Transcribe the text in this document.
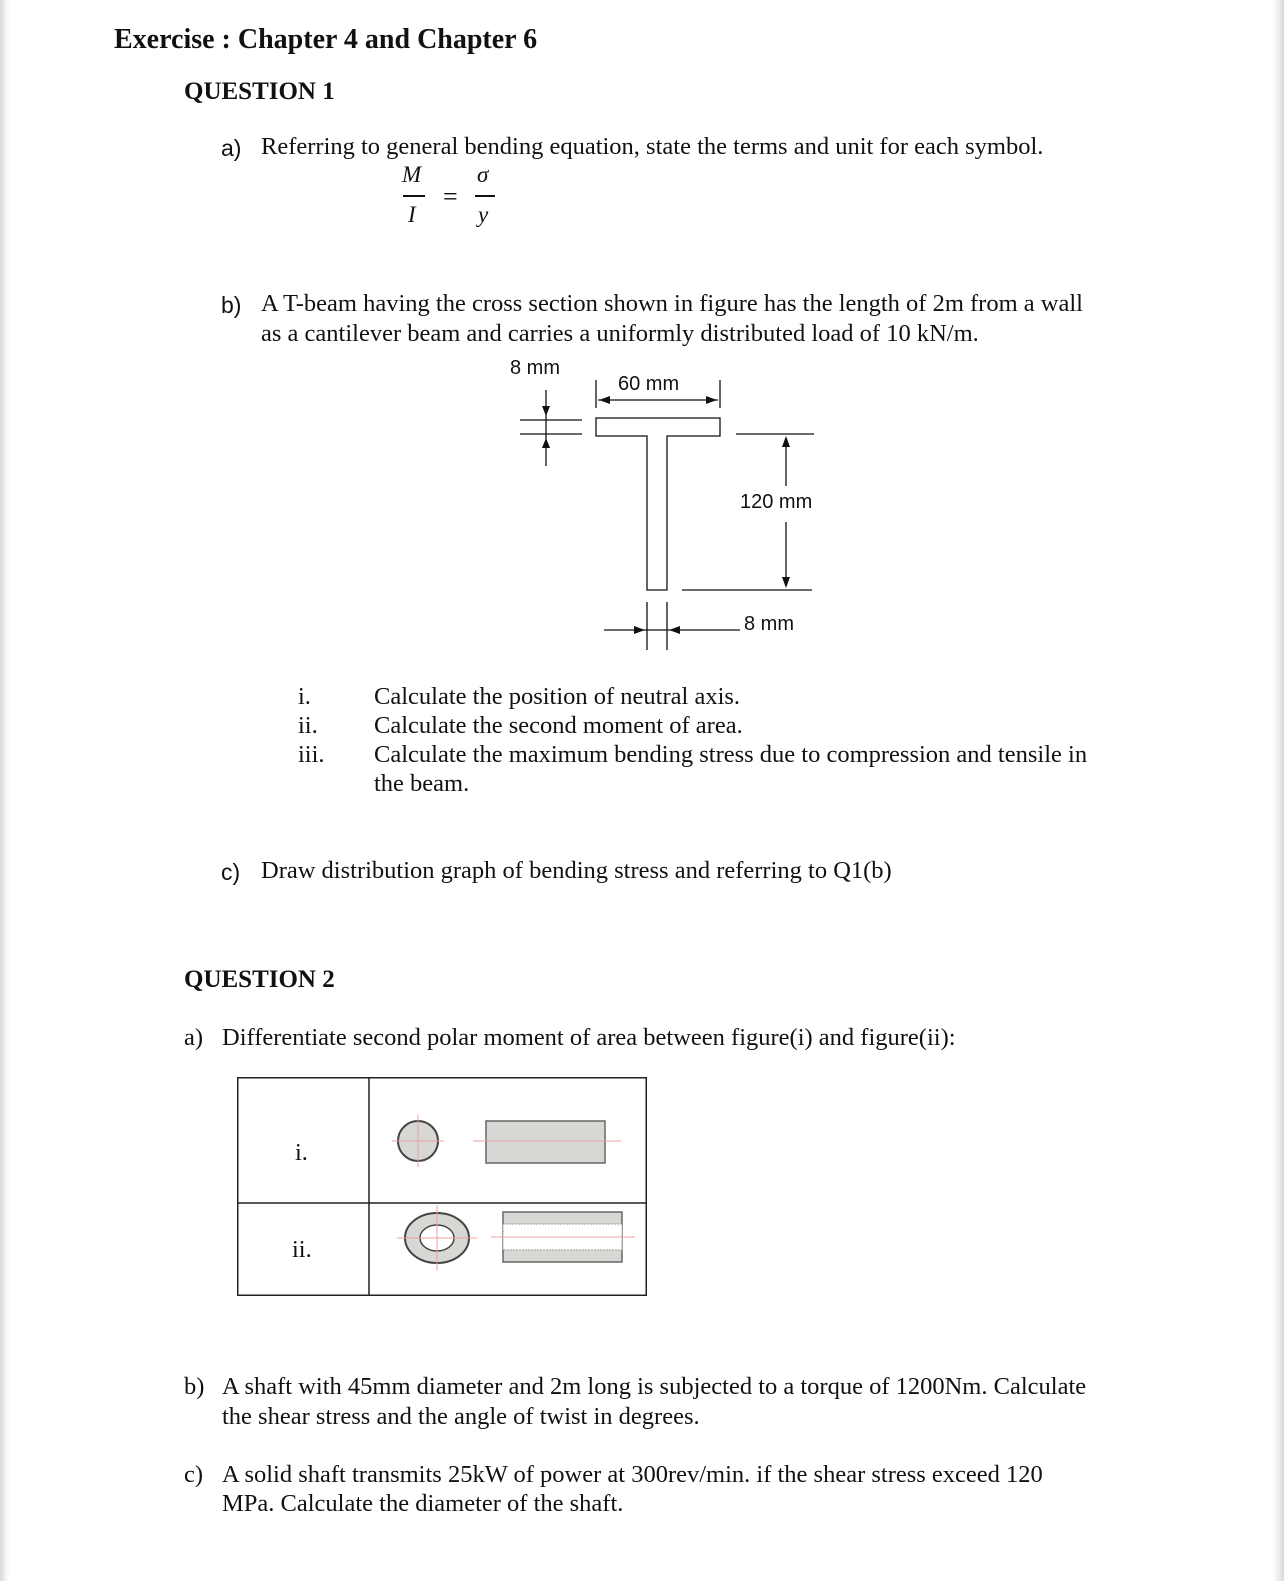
Exercise : Chapter 4 and Chapter 6
QUESTION 1
a) Referring to general bending equation, state the terms and unit for each symbol.
M
I
=
σ
y
b) A T-beam having the cross section shown in figure has the length of 2m from a wall
as a cantilever beam and carries a uniformly distributed load of 10 kN/m.
8 mm
60 mm
120 mm
8 mm
i.	Calculate the position of neutral axis.
ii. Calculate the second moment of area.
iii. Calculate the maximum bending stress due to compression and tensile in
the beam.
c) Draw distribution graph of bending stress and referring to Q1(b)
QUESTION 2
a) Differentiate second polar moment of area between figure(i) and figure(ii):
i.
ii.
b) A shaft with 45mm diameter and 2m long is subjected to a torque of 1200Nm. Calculate
the shear stress and the angle of twist in degrees.
c) A solid shaft transmits 25kW of power at 300rev/min. if the shear stress exceed 120
MPa. Calculate the diameter of the shaft.
